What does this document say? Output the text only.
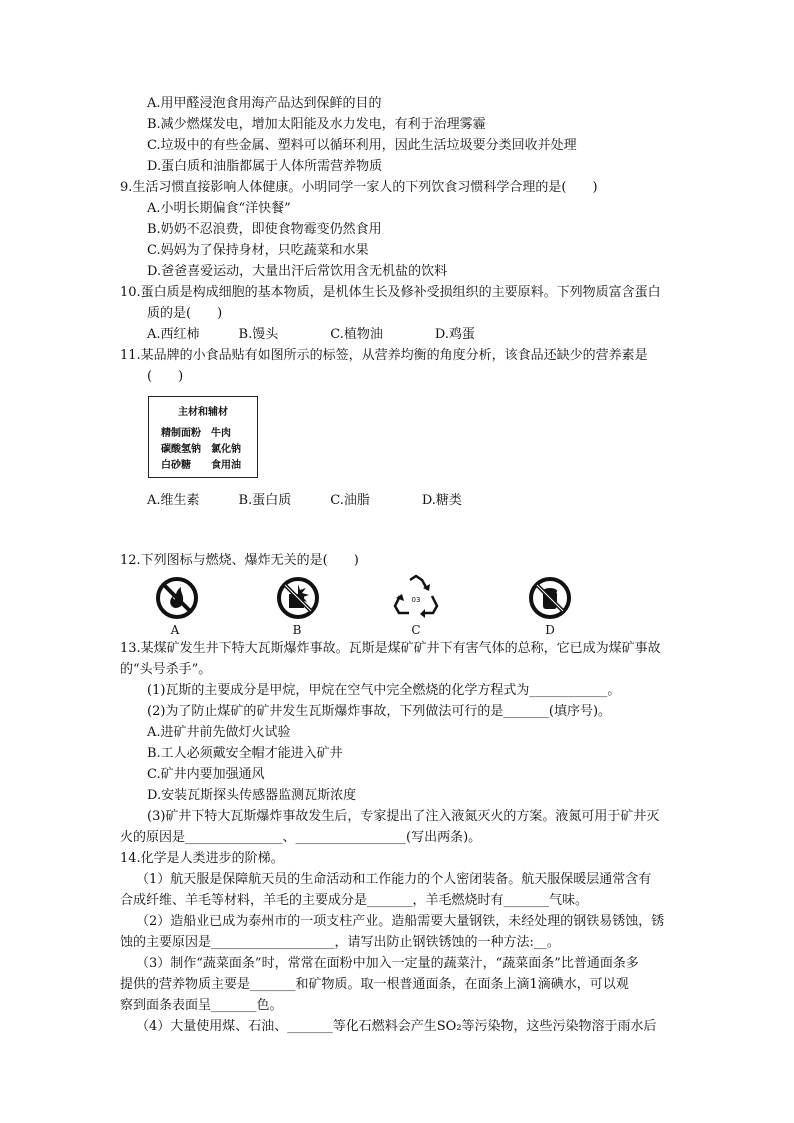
A.用甲醛浸泡食用海产品达到保鲜的目的
B.减少燃煤发电，增加太阳能及水力发电，有利于治理雾霾
C.垃圾中的有些金属、塑料可以循环利用，因此生活垃圾要分类回收并处理
D.蛋白质和油脂都属于人体所需营养物质
9.生活习惯直接影响人体健康。小明同学一家人的下列饮食习惯科学合理的是(　　)
A.小明长期偏食“洋快餐”
B.奶奶不忍浪费，即使食物霉变仍然食用
C.妈妈为了保持身材，只吃蔬菜和水果
D.爸爸喜爱运动，大量出汗后常饮用含无机盐的饮料
10.蛋白质是构成细胞的基本物质，是机体生长及修补受损组织的主要原料。下列物质富含蛋白
质的是(　　)
A.西红柿　　　B.馒头　　　　C.植物油　　　　D.鸡蛋
11.某品牌的小食品贴有如图所示的标签，从营养均衡的角度分析，该食品还缺少的营养素是
(　　)
主材和辅材
精制面粉　牛肉
碳酸氢钠　氯化钠
白砂糖　　食用油
A.维生素　　　B.蛋白质　　　C.油脂　　　　D.糖类
12.下列图标与燃烧、爆炸无关的是(　　)
03
A	B	C	D
13.某煤矿发生井下特大瓦斯爆炸事故。瓦斯是煤矿矿井下有害气体的总称，它已成为煤矿事故
的“头号杀手”。
(1)瓦斯的主要成分是甲烷，甲烷在空气中完全燃烧的化学方程式为____________。
(2)为了防止煤矿的矿井发生瓦斯爆炸事故，下列做法可行的是_______(填序号)。
A.进矿井前先做灯火试验
B.工人必须戴安全帽才能进入矿井
C.矿井内要加强通风
D.安装瓦斯探头传感器监测瓦斯浓度
(3)矿井下特大瓦斯爆炸事故发生后，专家提出了注入液氮灭火的方案。液氮可用于矿井灭
火的原因是_______________、_________________(写出两条)。
14.化学是人类进步的阶梯。
（1）航天服是保障航天员的生命活动和工作能力的个人密闭装备。航天服保暖层通常含有
合成纤维、羊毛等材料，羊毛的主要成分是_______，羊毛燃烧时有_______气味。
（2）造船业已成为泰州市的一项支柱产业。造船需要大量钢铁，未经处理的钢铁易锈蚀，锈
蚀的主要原因是___________________，请写出防止钢铁锈蚀的一种方法:__。
（3）制作“蔬菜面条”时，常常在面粉中加入一定量的蔬菜汁，“蔬菜面条”比普通面条多
提供的营养物质主要是_______和矿物质。取一根普通面条，在面条上滴1滴碘水，可以观
察到面条表面呈_______色。
（4）大量使用煤、石油、_______等化石燃料会产生SO₂等污染物，这些污染物溶于雨水后
